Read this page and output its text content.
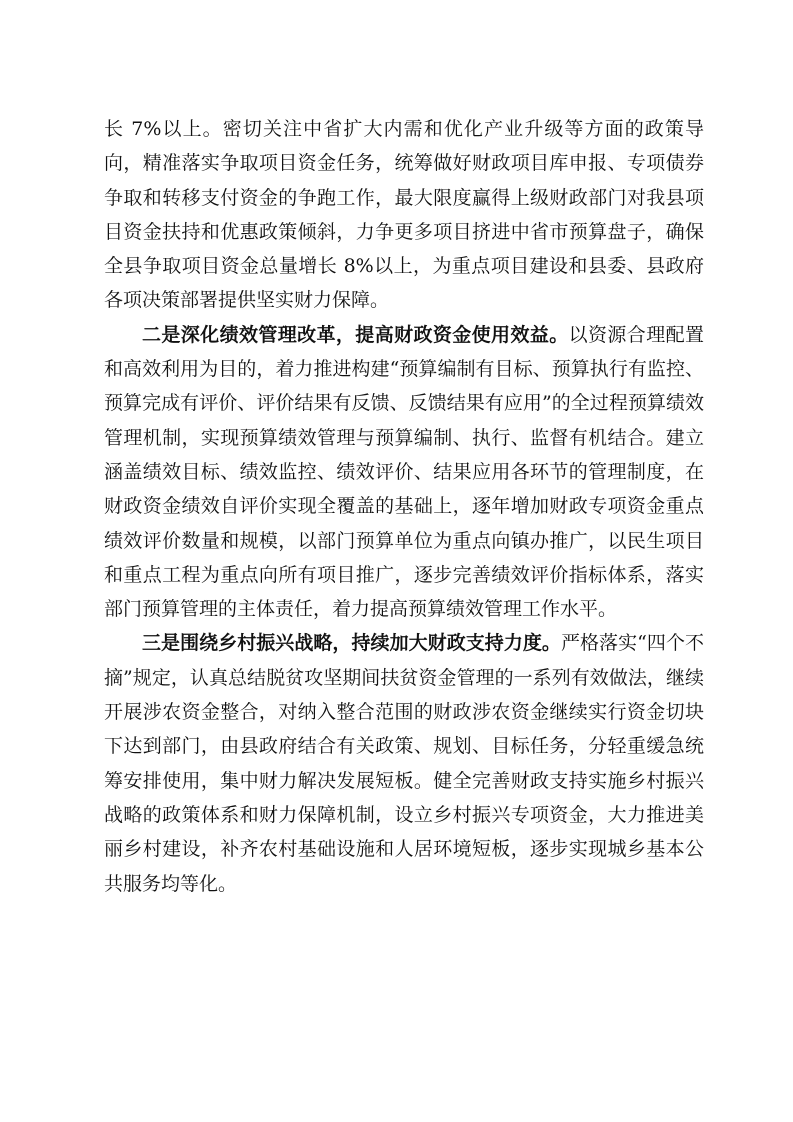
长 7%以上。密切关注中省扩大内需和优化产业升级等方面的政策导向，精准落实争取项目资金任务，统筹做好财政项目库申报、专项债券争取和转移支付资金的争跑工作，最大限度赢得上级财政部门对我县项目资金扶持和优惠政策倾斜，力争更多项目挤进中省市预算盘子，确保全县争取项目资金总量增长 8%以上，为重点项目建设和县委、县政府各项决策部署提供坚实财力保障。

二是深化绩效管理改革，提高财政资金使用效益。以资源合理配置和高效利用为目的，着力推进构建“预算编制有目标、预算执行有监控、预算完成有评价、评价结果有反馈、反馈结果有应用”的全过程预算绩效管理机制，实现预算绩效管理与预算编制、执行、监督有机结合。建立涵盖绩效目标、绩效监控、绩效评价、结果应用各环节的管理制度，在财政资金绩效自评价实现全覆盖的基础上，逐年增加财政专项资金重点绩效评价数量和规模，以部门预算单位为重点向镇办推广，以民生项目和重点工程为重点向所有项目推广，逐步完善绩效评价指标体系，落实部门预算管理的主体责任，着力提高预算绩效管理工作水平。

三是围绕乡村振兴战略，持续加大财政支持力度。严格落实“四个不摘”规定，认真总结脱贫攻坚期间扶贫资金管理的一系列有效做法，继续开展涉农资金整合，对纳入整合范围的财政涉农资金继续实行资金切块下达到部门，由县政府结合有关政策、规划、目标任务，分轻重缓急统筹安排使用，集中财力解决发展短板。健全完善财政支持实施乡村振兴战略的政策体系和财力保障机制，设立乡村振兴专项资金，大力推进美丽乡村建设，补齐农村基础设施和人居环境短板，逐步实现城乡基本公共服务均等化。
